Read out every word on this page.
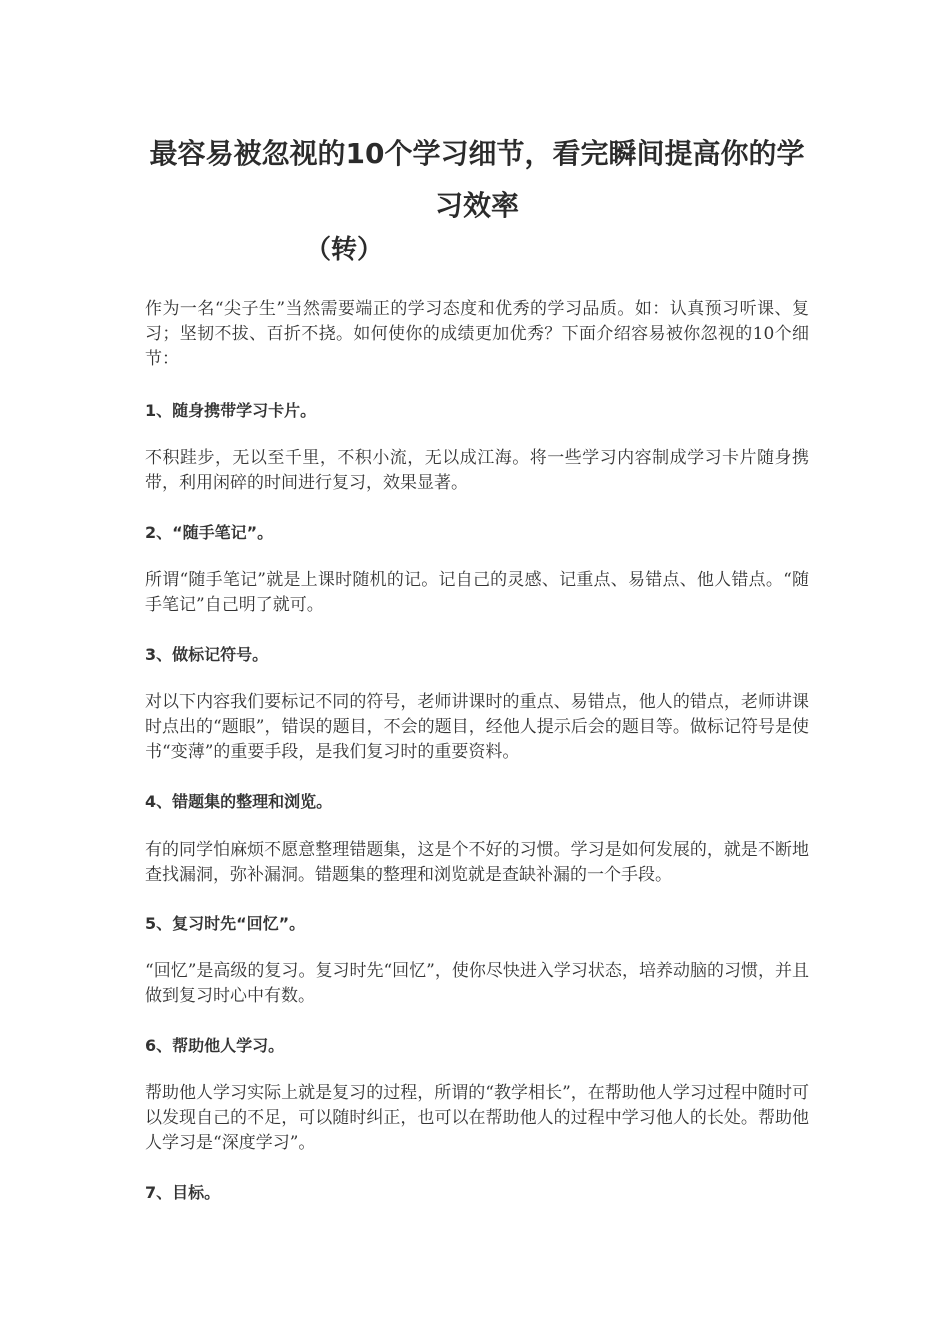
最容易被忽视的10个学习细节，看完瞬间提高你的学习效率
（转）

作为一名“尖子生”当然需要端正的学习态度和优秀的学习品质。如：认真预习听课、复习；坚韧不拔、百折不挠。如何使你的成绩更加优秀？下面介绍容易被你忽视的10个细节：

1、随身携带学习卡片。

不积跬步，无以至千里，不积小流，无以成江海。将一些学习内容制成学习卡片随身携带，利用闲碎的时间进行复习，效果显著。

2、“随手笔记”。

所谓“随手笔记”就是上课时随机的记。记自己的灵感、记重点、易错点、他人错点。“随手笔记”自己明了就可。

3、做标记符号。

对以下内容我们要标记不同的符号，老师讲课时的重点、易错点，他人的错点，老师讲课时点出的“题眼”，错误的题目，不会的题目，经他人提示后会的题目等。做标记符号是使书“变薄”的重要手段，是我们复习时的重要资料。

4、错题集的整理和浏览。

有的同学怕麻烦不愿意整理错题集，这是个不好的习惯。学习是如何发展的，就是不断地查找漏洞，弥补漏洞。错题集的整理和浏览就是查缺补漏的一个手段。

5、复习时先“回忆”。

“回忆”是高级的复习。复习时先“回忆”，使你尽快进入学习状态，培养动脑的习惯，并且做到复习时心中有数。

6、帮助他人学习。

帮助他人学习实际上就是复习的过程，所谓的“教学相长”，在帮助他人学习过程中随时可以发现自己的不足，可以随时纠正，也可以在帮助他人的过程中学习他人的长处。帮助他人学习是“深度学习”。

7、目标。
